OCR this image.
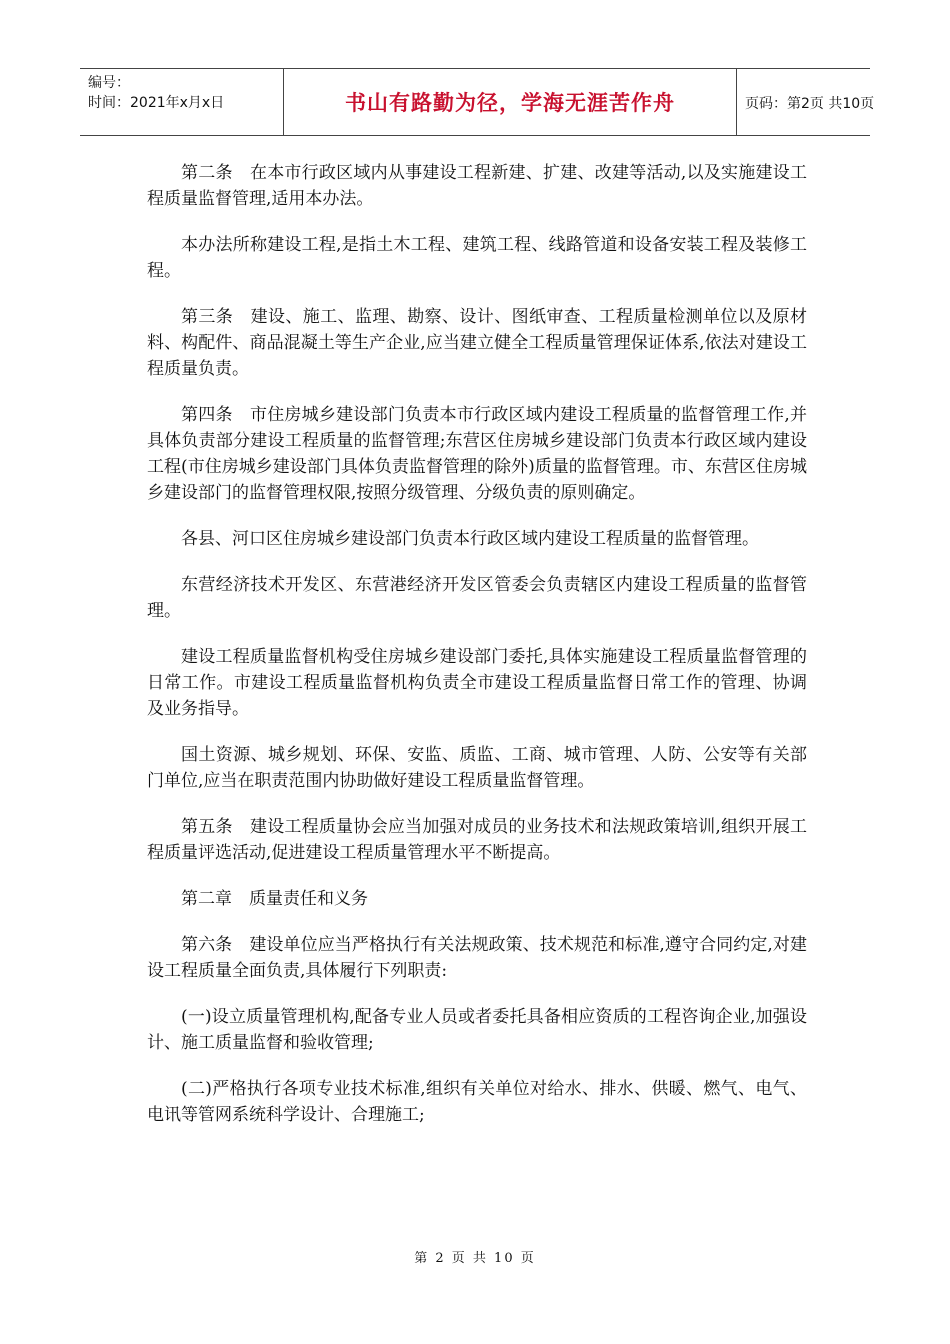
编号：
时间：2021年x月x日	书山有路勤为径，学海无涯苦作舟	页码：第2页 共10页

第二条　在本市行政区域内从事建设工程新建、扩建、改建等活动,以及实施建设工程质量监督管理,适用本办法。

本办法所称建设工程,是指土木工程、建筑工程、线路管道和设备安装工程及装修工程。

第三条　建设、施工、监理、勘察、设计、图纸审查、工程质量检测单位以及原材料、构配件、商品混凝土等生产企业,应当建立健全工程质量管理保证体系,依法对建设工程质量负责。

第四条　市住房城乡建设部门负责本市行政区域内建设工程质量的监督管理工作,并具体负责部分建设工程质量的监督管理;东营区住房城乡建设部门负责本行政区域内建设工程(市住房城乡建设部门具体负责监督管理的除外)质量的监督管理。市、东营区住房城乡建设部门的监督管理权限,按照分级管理、分级负责的原则确定。

各县、河口区住房城乡建设部门负责本行政区域内建设工程质量的监督管理。

东营经济技术开发区、东营港经济开发区管委会负责辖区内建设工程质量的监督管理。

建设工程质量监督机构受住房城乡建设部门委托,具体实施建设工程质量监督管理的日常工作。市建设工程质量监督机构负责全市建设工程质量监督日常工作的管理、协调及业务指导。

国土资源、城乡规划、环保、安监、质监、工商、城市管理、人防、公安等有关部门单位,应当在职责范围内协助做好建设工程质量监督管理。

第五条　建设工程质量协会应当加强对成员的业务技术和法规政策培训,组织开展工程质量评选活动,促进建设工程质量管理水平不断提高。

第二章　质量责任和义务

第六条　建设单位应当严格执行有关法规政策、技术规范和标准,遵守合同约定,对建设工程质量全面负责,具体履行下列职责:

(一)设立质量管理机构,配备专业人员或者委托具备相应资质的工程咨询企业,加强设计、施工质量监督和验收管理;

(二)严格执行各项专业技术标准,组织有关单位对给水、排水、供暖、燃气、电气、电讯等管网系统科学设计、合理施工;

第 2 页 共 10 页
